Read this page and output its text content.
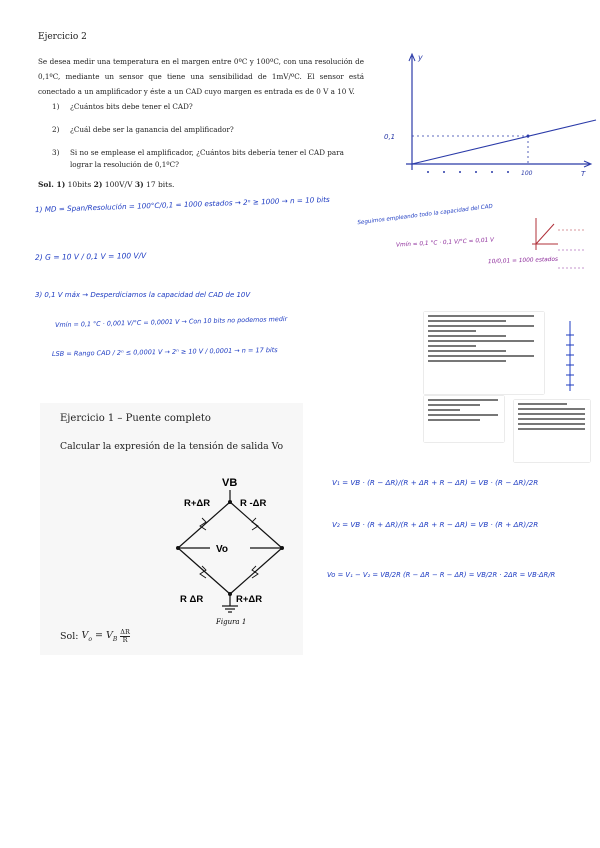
Ejercicio 2

Se desea medir una temperatura en el margen entre 0ºC y 100ºC, con una resolución de 0,1ºC, mediante un sensor que tiene una sensibilidad de 1mV/ºC. El sensor está conectado a un amplificador y éste a un CAD cuyo margen es entrada es de 0 V a 10 V.

1)	¿Cuántos bits debe tener el CAD?
2)	¿Cuál debe ser la ganancia del amplificador?
3)	Si no se emplease el amplificador, ¿Cuántos bits debería tener el CAD para lograr la resolución de 0,1ºC?
Sol. 1) 10bits 2) 100V/V 3) 17 bits.
y
T
0,1
100
1) MD = Span/Resolución = 100°C/0,1 = 1000 estados → 2ⁿ ≥ 1000 → n = 10 bits	Seguimos empleando todo la capacidad del CAD
2) G = 10 V / 0,1 V = 100 V/V
Vmín = 0,1 °C · 0,1 V/°C = 0,01 V
10/0,01 = 1000 estados
3) 0,1 V máx → Desperdiciamos la capacidad del CAD de 10V
Vmín = 0,1 °C · 0,001 V/°C = 0,0001 V → Con 10 bits no podemos medir
LSB = Rango CAD / 2ⁿ ≤ 0,0001 V → 2ⁿ ≥ 10 V / 0,0001 → n = 17 bits
Ejercicio 1 – Puente completo
Calcular la expresión de la tensión de salida Vo
VB
R+ΔR	R -ΔR
Vo
R ΔR	R+ΔR
Figura 1
Sol: $V_o = V_B \frac{\Delta R}{R}$
V₁ = VB · (R − ΔR)/(R + ΔR + R − ΔR) = VB · (R − ΔR)/2R
V₂ = VB · (R + ΔR)/(R + ΔR + R − ΔR) = VB · (R + ΔR)/2R
Vo = V₁ − V₂ = VB/2R (R − ΔR − R − ΔR) = VB/2R · 2ΔR = VB·ΔR/R
